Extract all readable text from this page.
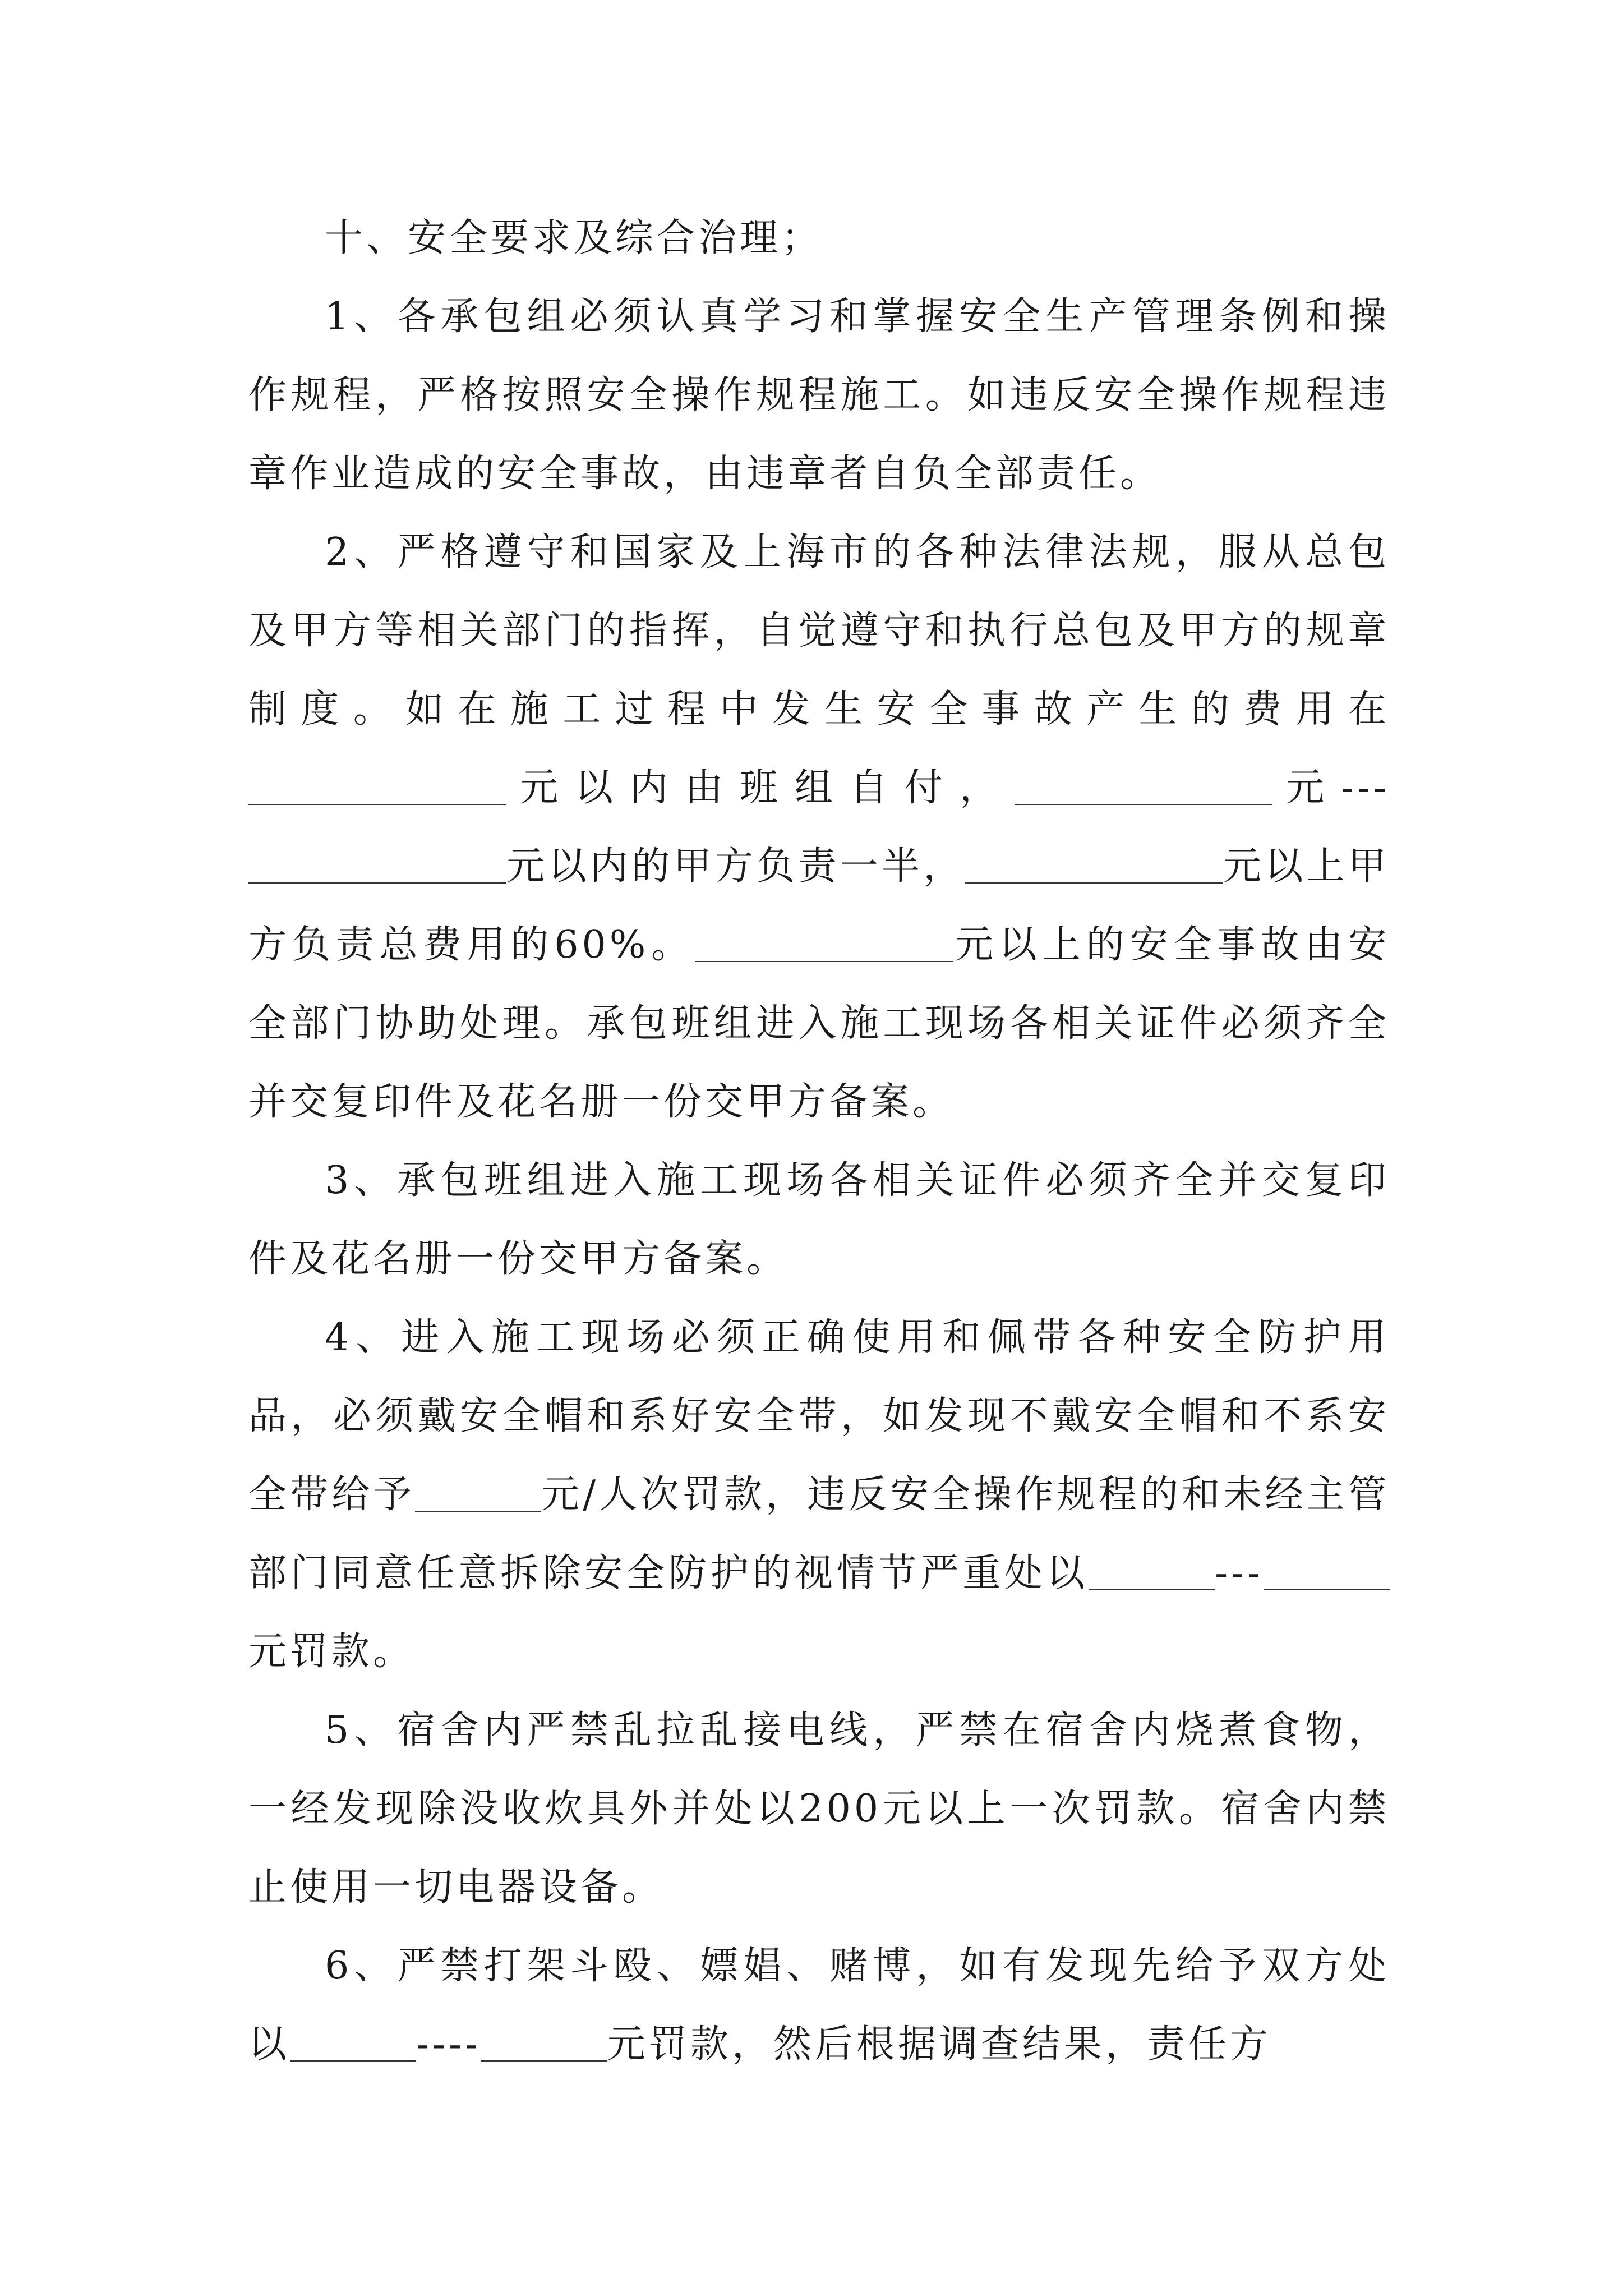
十、安全要求及综合治理；

1、各承包组必须认真学习和掌握安全生产管理条例和操作规程，严格按照安全操作规程施工。如违反安全操作规程违章作业造成的安全事故，由违章者自负全部责任。

2、严格遵守和国家及上海市的各种法律法规，服从总包及甲方等相关部门的指挥，自觉遵守和执行总包及甲方的规章制度。如在施工过程中发生安全事故产生的费用在元以内由班组自付，	元---元以内的甲方负责一半，	元以上甲方负责总费用的60%。	元以上的安全事故由安全部门协助处理。承包班组进入施工现场各相关证件必须齐全并交复印件及花名册一份交甲方备案。

3、承包班组进入施工现场各相关证件必须齐全并交复印件及花名册一份交甲方备案。

4、进入施工现场必须正确使用和佩带各种安全防护用品，必须戴安全帽和系好安全带，如发现不戴安全帽和不系安全带给予	元/人次罚款，违反安全操作规程的和未经主管部门同意任意拆除安全防护的视情节严重处以	---元罚款。

5、宿舍内严禁乱拉乱接电线，严禁在宿舍内烧煮食物，一经发现除没收炊具外并处以200元以上一次罚款。宿舍内禁止使用一切电器设备。

6、严禁打架斗殴、嫖娼、赌博，如有发现先给予双方处以	----	元罚款，然后根据调查结果，责任方
